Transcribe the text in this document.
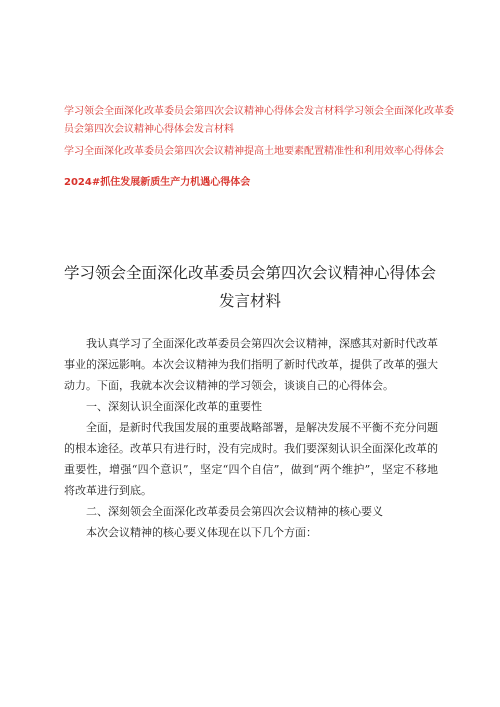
学习领会全面深化改革委员会第四次会议精神心得体会发言材料学习领会全面深化改革委员会第四次会议精神心得体会发言材料
学习全面深化改革委员会第四次会议精神提高土地要素配置精准性和利用效率心得体会
2024#抓住发展新质生产力机遇心得体会
学习领会全面深化改革委员会第四次会议精神心得体会
发言材料

我认真学习了全面深化改革委员会第四次会议精神，深感其对新时代改革事业的深远影响。本次会议精神为我们指明了新时代改革，提供了改革的强大动力。下面，我就本次会议精神的学习领会，谈谈自己的心得体会。

一、深刻认识全面深化改革的重要性

全面，是新时代我国发展的重要战略部署，是解决发展不平衡不充分问题的根本途径。改革只有进行时，没有完成时。我们要深刻认识全面深化改革的重要性，增强“四个意识”，坚定“四个自信”，做到“两个维护”，坚定不移地将改革进行到底。

二、深刻领会全面深化改革委员会第四次会议精神的核心要义

本次会议精神的核心要义体现在以下几个方面：
